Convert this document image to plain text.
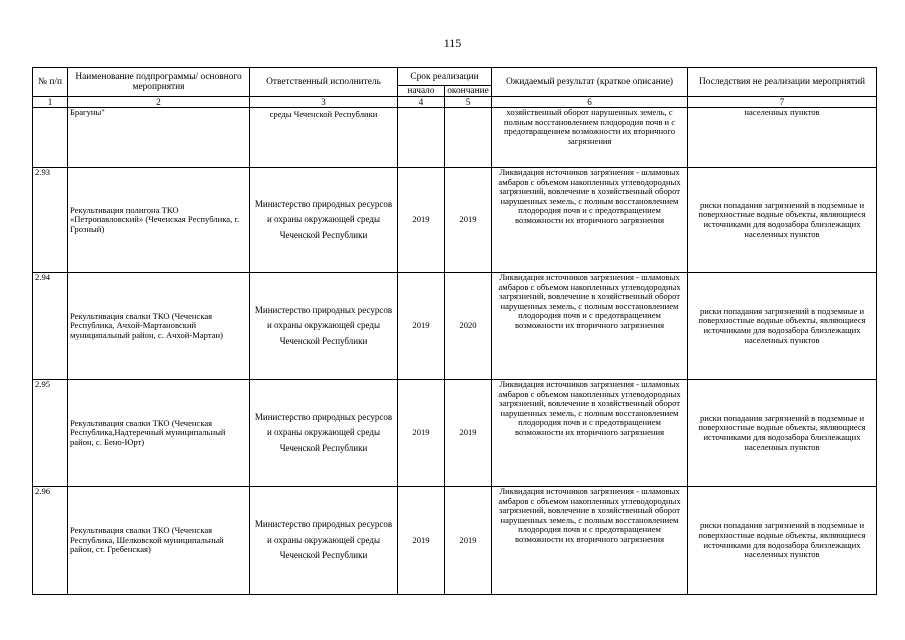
115
№ п/п	Наименование подпрограммы/ основного мероприятия	Ответственный исполнитель	Срок реализации		Ожидаемый результат (краткое описание)	Последствия не реализации мероприятий
			начало	окончание		
1	2	3	4	5	6	7
	Брагуны"	среды Чеченской Республики			хозяйственный оборот нарушенных земель, с полным восстановлением плодородия почв и с предотвращением возможности их вторичного загрязнения	населенных пунктов
2.93	Рекультивация полигона ТКО «Петропавловский» (Чеченская Республика, г. Грозный)	Министерство природных ресурсов и охраны окружающей среды Чеченской Республики	2019	2019	Ликвидация источников загрязнения - шламовых амбаров с объемом накопленных углеводородных загрязнений, вовлечение в хозяйственный оборот нарушенных земель, с полным восстановлением плодородия почв и с предотвращением возможности их вторичного загрязнения	риски попадания загрязнений в подземные и поверхностные водные объекты, являющиеся источниками для водозабора близлежащих населенных пунктов
2.94	Рекультивация свалки ТКО (Чеченская Республика, Ачхой-Мартановский муниципальный район, с. Ачхой-Мартан)	Министерство природных ресурсов и охраны окружающей среды Чеченской Республики	2019	2020	Ликвидация источников загрязнения - шламовых амбаров с объемом накопленных углеводородных загрязнений, вовлечение в хозяйственный оборот нарушенных земель, с полным восстановлением плодородия почв и с предотвращением возможности их вторичного загрязнения	риски попадания загрязнений в подземные и поверхностные водные объекты, являющиеся источниками для водозабора близлежащих населенных пунктов
2.95	Рекультивация свалки ТКО (Чеченская Республика,Надтеречный муниципальный район, с. Бено-Юрт)	Министерство природных ресурсов и охраны окружающей среды Чеченской Республики	2019	2019	Ликвидация источников загрязнения - шламовых амбаров с объемом накопленных углеводородных загрязнений, вовлечение в хозяйственный оборот нарушенных земель, с полным восстановлением плодородия почв и с предотвращением возможности их вторичного загрязнения	риски попадания загрязнений в подземные и поверхностные водные объекты, являющиеся источниками для водозабора близлежащих населенных пунктов
2.96	Рекультивация свалки ТКО (Чеченская Республика, Шелковской муниципальный район, ст. Гребенская)	Министерство природных ресурсов и охраны окружающей среды Чеченской Республики	2019	2019	Ликвидация источников загрязнения - шламовых амбаров с объемом накопленных углеводородных загрязнений, вовлечение в хозяйственный оборот нарушенных земель, с полным восстановлением плодородия почв и с предотвращением возможности их вторичного загрязнения	риски попадания загрязнений в подземные и поверхностные водные объекты, являющиеся источниками для водозабора близлежащих населенных пунктов
